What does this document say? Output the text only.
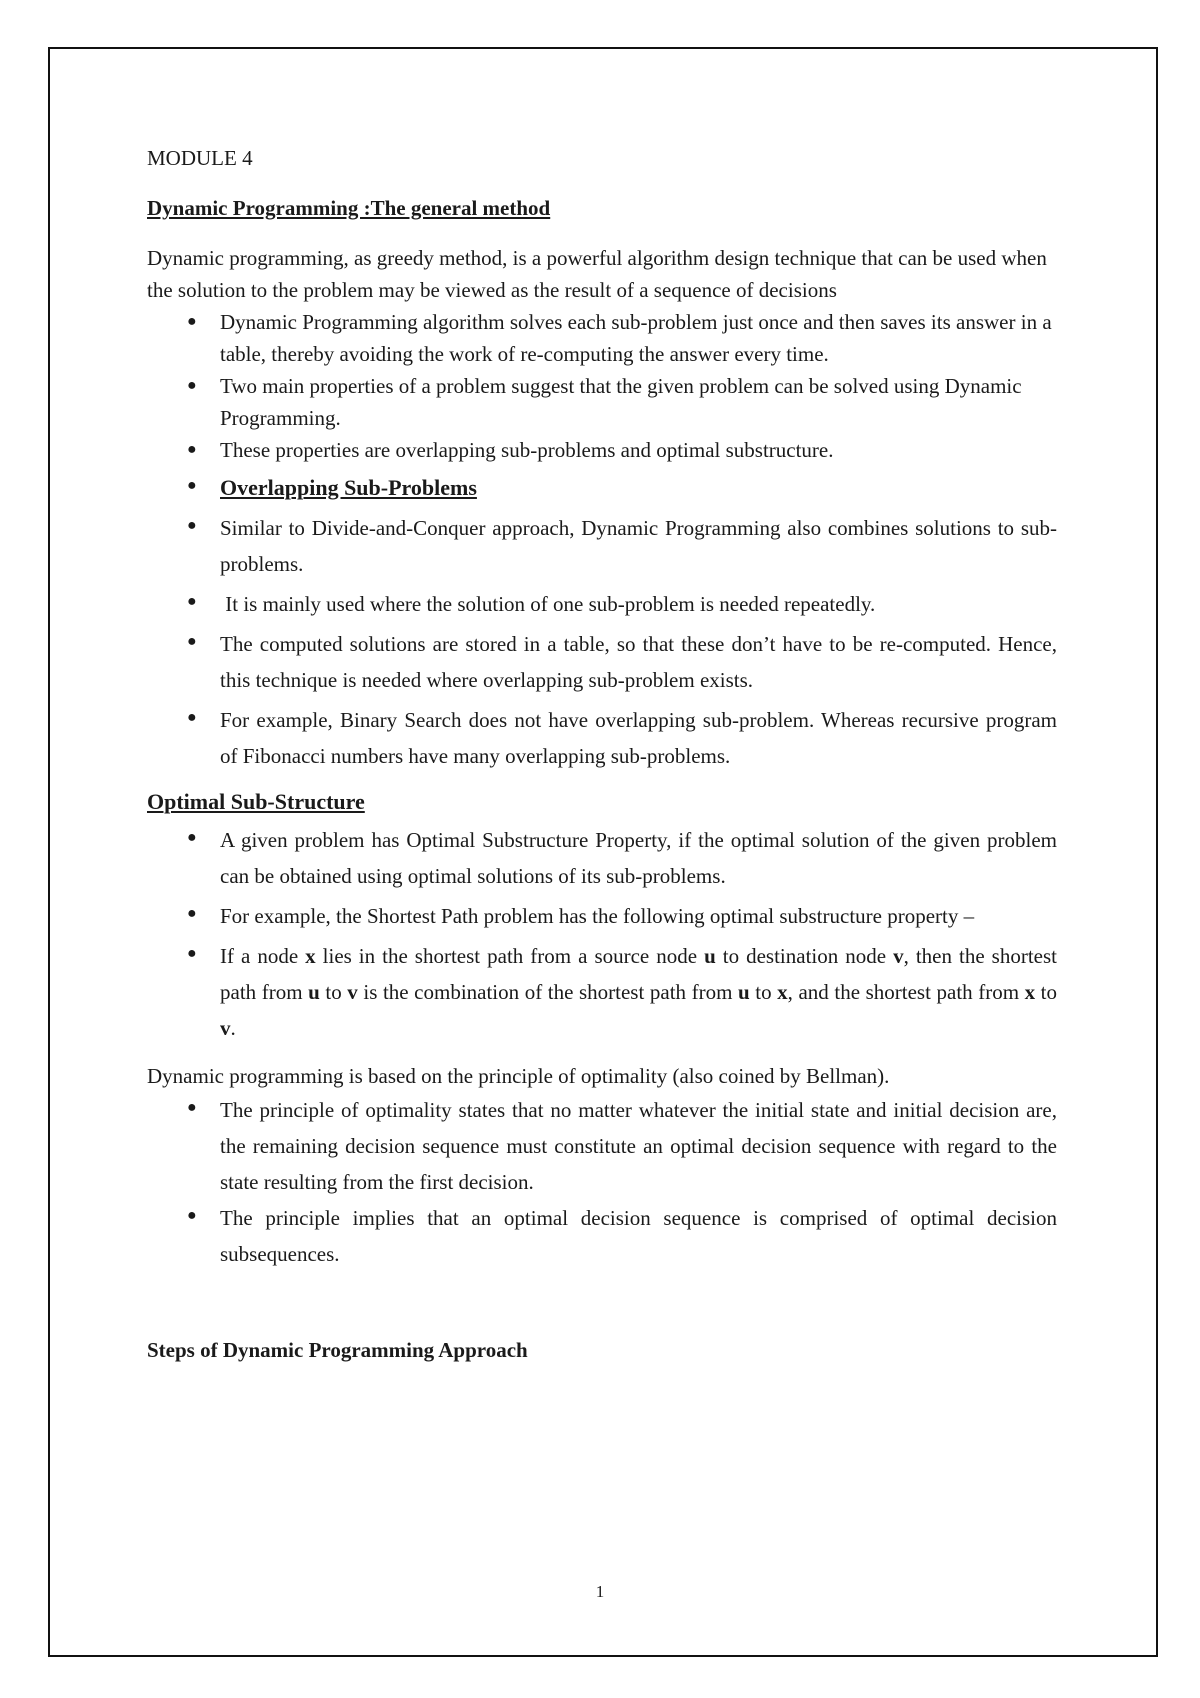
MODULE 4

Dynamic Programming :The general method

Dynamic programming, as greedy method, is a powerful algorithm design technique that can be used when the solution to the problem may be viewed as the result of a sequence of decisions

● Dynamic Programming algorithm solves each sub-problem just once and then saves its answer in a table, thereby avoiding the work of re-computing the answer every time.
● Two main properties of a problem suggest that the given problem can be solved using Dynamic Programming.
● These properties are overlapping sub-problems and optimal substructure.
● Overlapping Sub-Problems
● Similar to Divide-and-Conquer approach, Dynamic Programming also combines solutions to sub-problems.
● It is mainly used where the solution of one sub-problem is needed repeatedly.
● The computed solutions are stored in a table, so that these don’t have to be re-computed. Hence, this technique is needed where overlapping sub-problem exists.
● For example, Binary Search does not have overlapping sub-problem. Whereas recursive program of Fibonacci numbers have many overlapping sub-problems.

Optimal Sub-Structure

● A given problem has Optimal Substructure Property, if the optimal solution of the given problem can be obtained using optimal solutions of its sub-problems.
● For example, the Shortest Path problem has the following optimal substructure property –
● If a node x lies in the shortest path from a source node u to destination node v, then the shortest path from u to v is the combination of the shortest path from u to x, and the shortest path from x to v.

Dynamic programming is based on the principle of optimality (also coined by Bellman).

● The principle of optimality states that no matter whatever the initial state and initial decision are, the remaining decision sequence must constitute an optimal decision sequence with regard to the state resulting from the first decision.
● The principle implies that an optimal decision sequence is comprised of optimal decision subsequences.

Steps of Dynamic Programming Approach

1
